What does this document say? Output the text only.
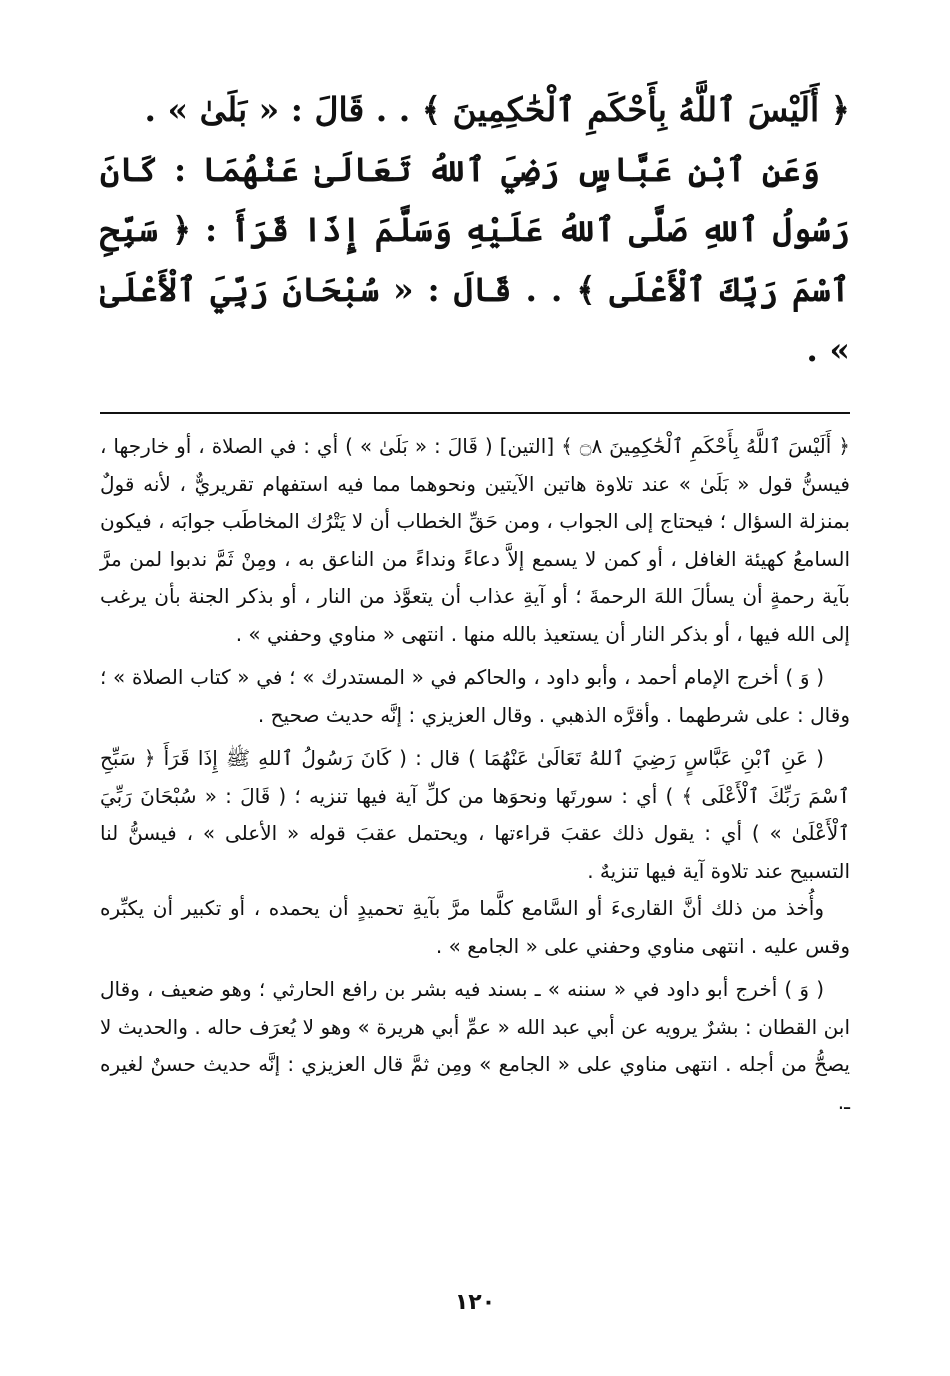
﴿ أَلَيْسَ ٱللَّهُ بِأَحْكَمِ ٱلْحَٰكِمِينَ ﴾ . . قَالَ : « بَلَىٰ » .

وَعَنِ ٱبْنِ عَبَّاسٍ رَضِيَ ٱللهُ تَعَالَىٰ عَنْهُمَا : كَانَ رَسُولُ ٱللهِ صَلَّى ٱللهُ عَلَيْهِ وَسَلَّمَ إِذَا قَرَأَ : ﴿ سَبِّحِ ٱسْمَ رَبِّكَ ٱلْأَعْلَى ﴾ . . قَالَ : « سُبْحَانَ رَبِّيَ ٱلْأَعْلَىٰ » .

﴿ أَلَيْسَ ٱللَّهُ بِأَحْكَمِ ٱلْحَٰكِمِينَ ۝٨ ﴾ [التين] ( قَالَ : « بَلَىٰ » ) أي : في الصلاة ، أو خارجها ، فيسنُّ قول « بَلَىٰ » عند تلاوة هاتين الآيتين ونحوهما مما فيه استفهام تقريريٌّ ، لأنه قولٌ بمنزلة السؤال ؛ فيحتاج إلى الجواب ، ومن حَقِّ الخطاب أن لا يَتْرُك المخاطَب جوابَه ، فيكون السامعُ كهيئة الغافل ، أو كمن لا يسمع إلاَّ دعاءً ونداءً من الناعق به ، ومِنْ ثَمَّ ندبوا لمن مرَّ بآية رحمةٍ أن يسألَ اللهَ الرحمةَ ؛ أو آيةِ عذاب أن يتعوَّذ من النار ، أو بذكر الجنة بأن يرغب إلى الله فيها ، أو بذكر النار أن يستعيذ بالله منها . انتهى « مناوي وحفني » .

( وَ ) أخرج الإمام أحمد ، وأبو داود ، والحاكم في « المستدرك » ؛ في « كتاب الصلاة » ؛ وقال : على شرطهما . وأقرَّه الذهبي . وقال العزيزي : إنَّه حديث صحيح .

( عَنِ ٱبْنِ عَبَّاسٍ رَضِيَ ٱللهُ تَعَالَىٰ عَنْهُمَا ) قال : ( كَانَ رَسُولُ ٱللهِ ﷺ إِذَا قَرَأَ ﴿ سَبِّحِ ٱسْمَ رَبِّكَ ٱلْأَعْلَى ﴾ ) أي : سورتَها ونحوَها من كلِّ آية فيها تنزيه ؛ ( قَالَ : « سُبْحَانَ رَبِّيَ ٱلْأَعْلَىٰ » ) أي : يقول ذلك عقبَ قراءتها ، ويحتمل عقبَ قوله « الأعلى » ، فيسنُّ لنا التسبيح عند تلاوة آية فيها تنزيهٌ .

وأُخذ من ذلك أنَّ القارىءَ أو السَّامع كلَّما مرَّ بآيةِ تحميدٍ أن يحمده ، أو تكبير أن يكبِّره وقس عليه . انتهى مناوي وحفني على « الجامع » .

( وَ ) أخرج أبو داود في « سننه » ـ بسند فيه بشر بن رافع الحارثي ؛ وهو ضعيف ، وقال ابن القطان : بشرٌ يرويه عن أبي عبد الله « عمِّ أبي هريرة » وهو لا يُعرَف حاله . والحديث لا يصحُّ من أجله . انتهى مناوي على « الجامع » ومِن ثمَّ قال العزيزي : إنَّه حديث حسنٌ لغيره ـ.

١٢٠
